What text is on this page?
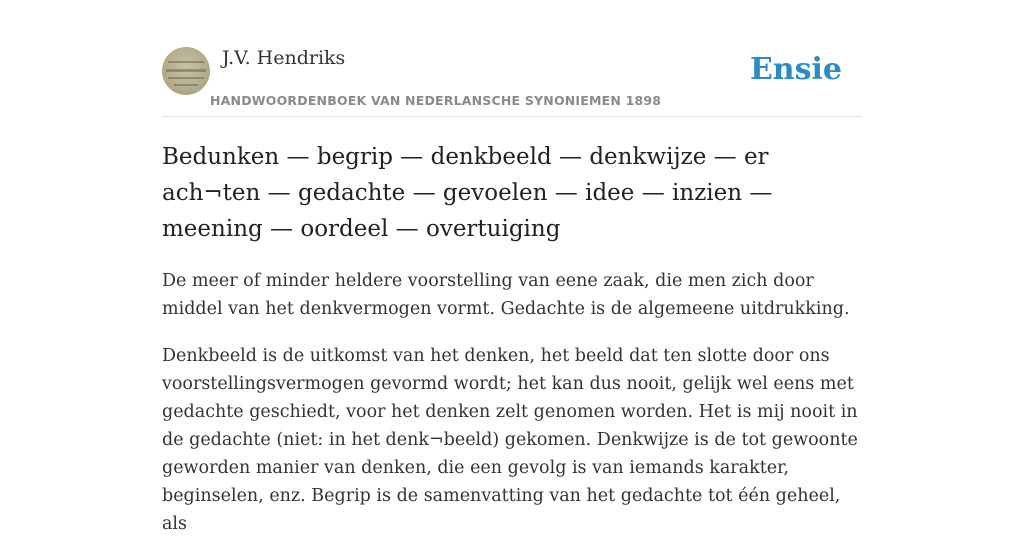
J.V. Hendriks
HANDWOORDENBOEK VAN NEDERLANSCHE SYNONIEMEN 1898
Ensie
Bedunken — begrip — denkbeeld — denkwijze — er ach¬ten — gedachte — gevoelen — idee — inzien — meening — oordeel — overtuiging

De meer of minder heldere voorstelling van eene zaak, die men zich door middel van het denkvermogen vormt. Gedachte is de algemeene uitdrukking.

Denkbeeld is de uitkomst van het denken, het beeld dat ten slotte door ons voorstellingsvermogen gevormd wordt; het kan dus nooit, gelijk wel eens met gedachte geschiedt, voor het denken zelt genomen worden. Het is mij nooit in de gedachte (niet: in het denk¬beeld) gekomen. Denkwijze is de tot gewoonte geworden manier van denken, die een gevolg is van iemands karakter, beginselen, enz. Begrip is de samenvatting van het gedachte tot één geheel, als
